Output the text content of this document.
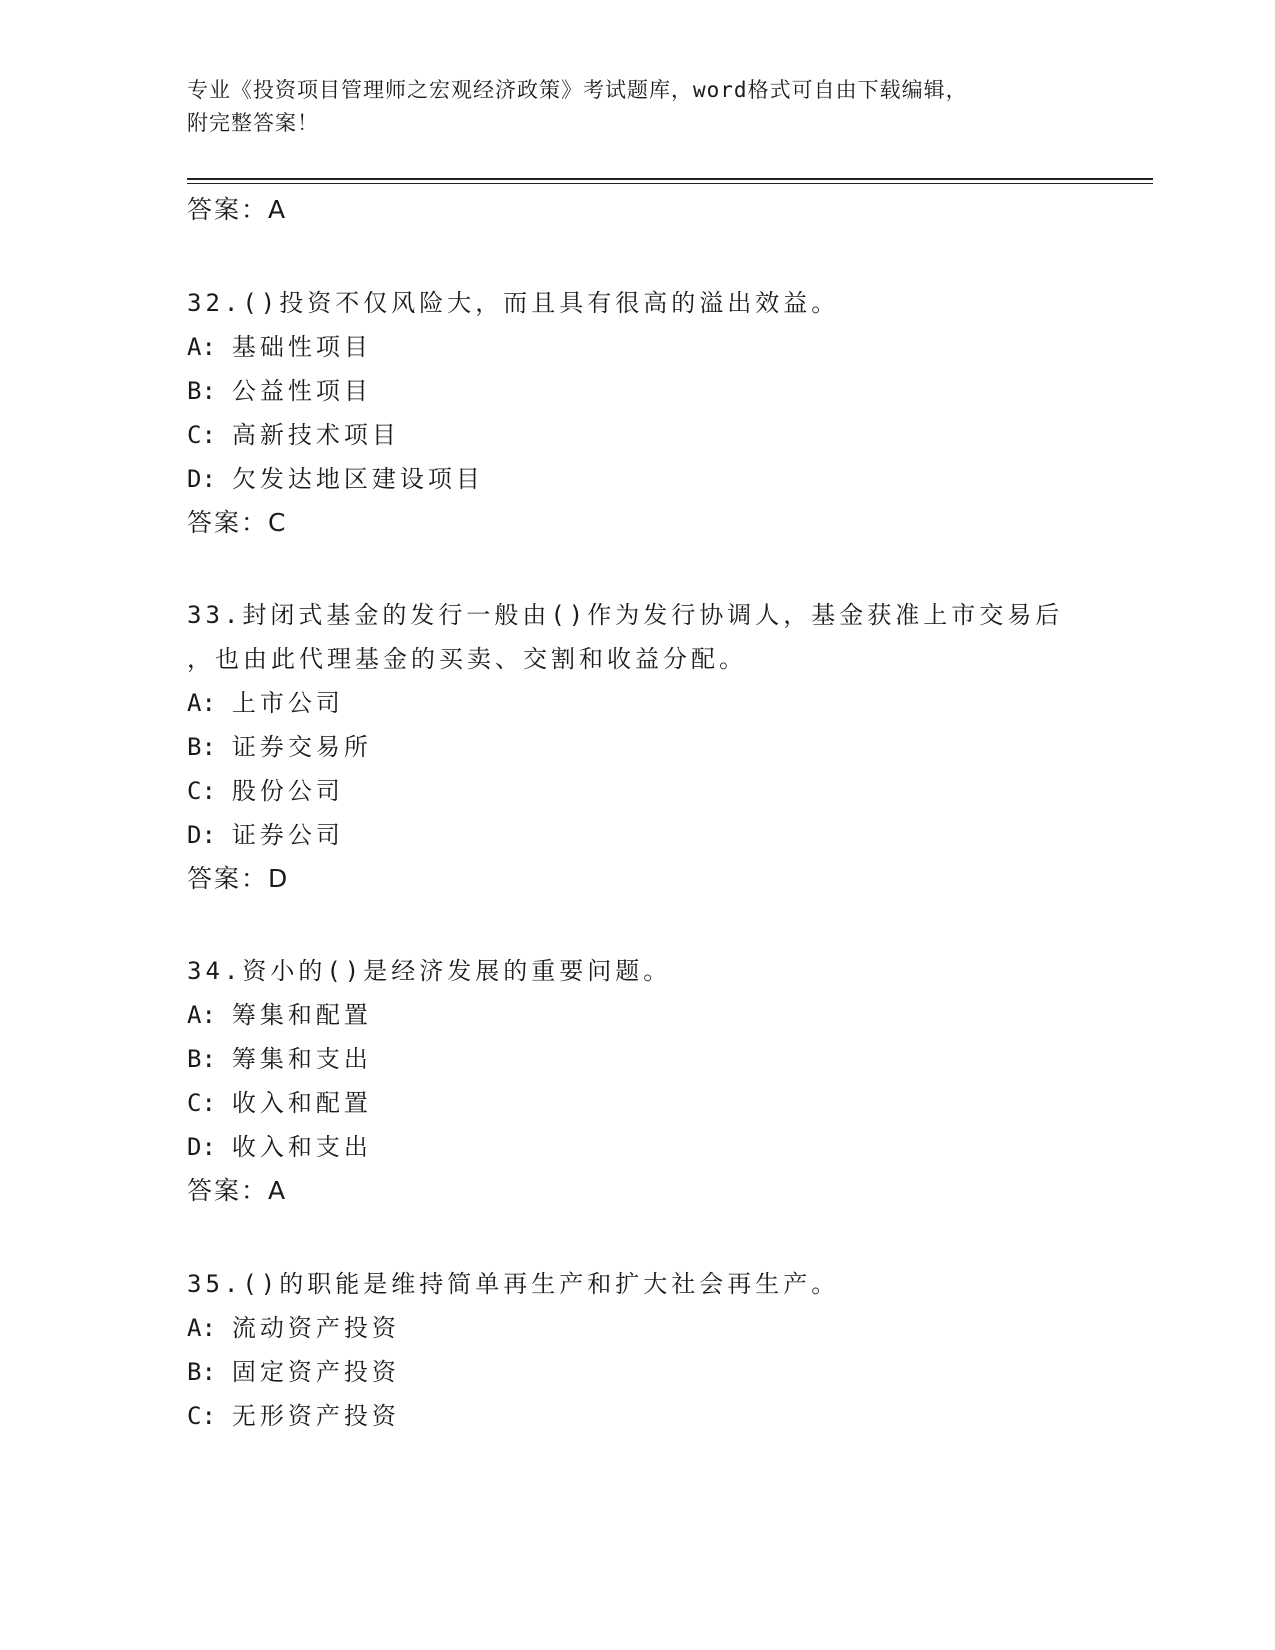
专业《投资项目管理师之宏观经济政策》考试题库，word格式可自由下载编辑，
附完整答案！
答案：A
32.()投资不仅风险大，而且具有很高的溢出效益。
A: 基础性项目
B: 公益性项目
C: 高新技术项目
D: 欠发达地区建设项目
答案：C
33.封闭式基金的发行一般由()作为发行协调人，基金获准上市交易后
，也由此代理基金的买卖、交割和收益分配。
A: 上市公司
B: 证券交易所
C: 股份公司
D: 证券公司
答案：D
34.资小的()是经济发展的重要问题。
A: 筹集和配置
B: 筹集和支出
C: 收入和配置
D: 收入和支出
答案：A
35.()的职能是维持简单再生产和扩大社会再生产。
A: 流动资产投资
B: 固定资产投资
C: 无形资产投资
